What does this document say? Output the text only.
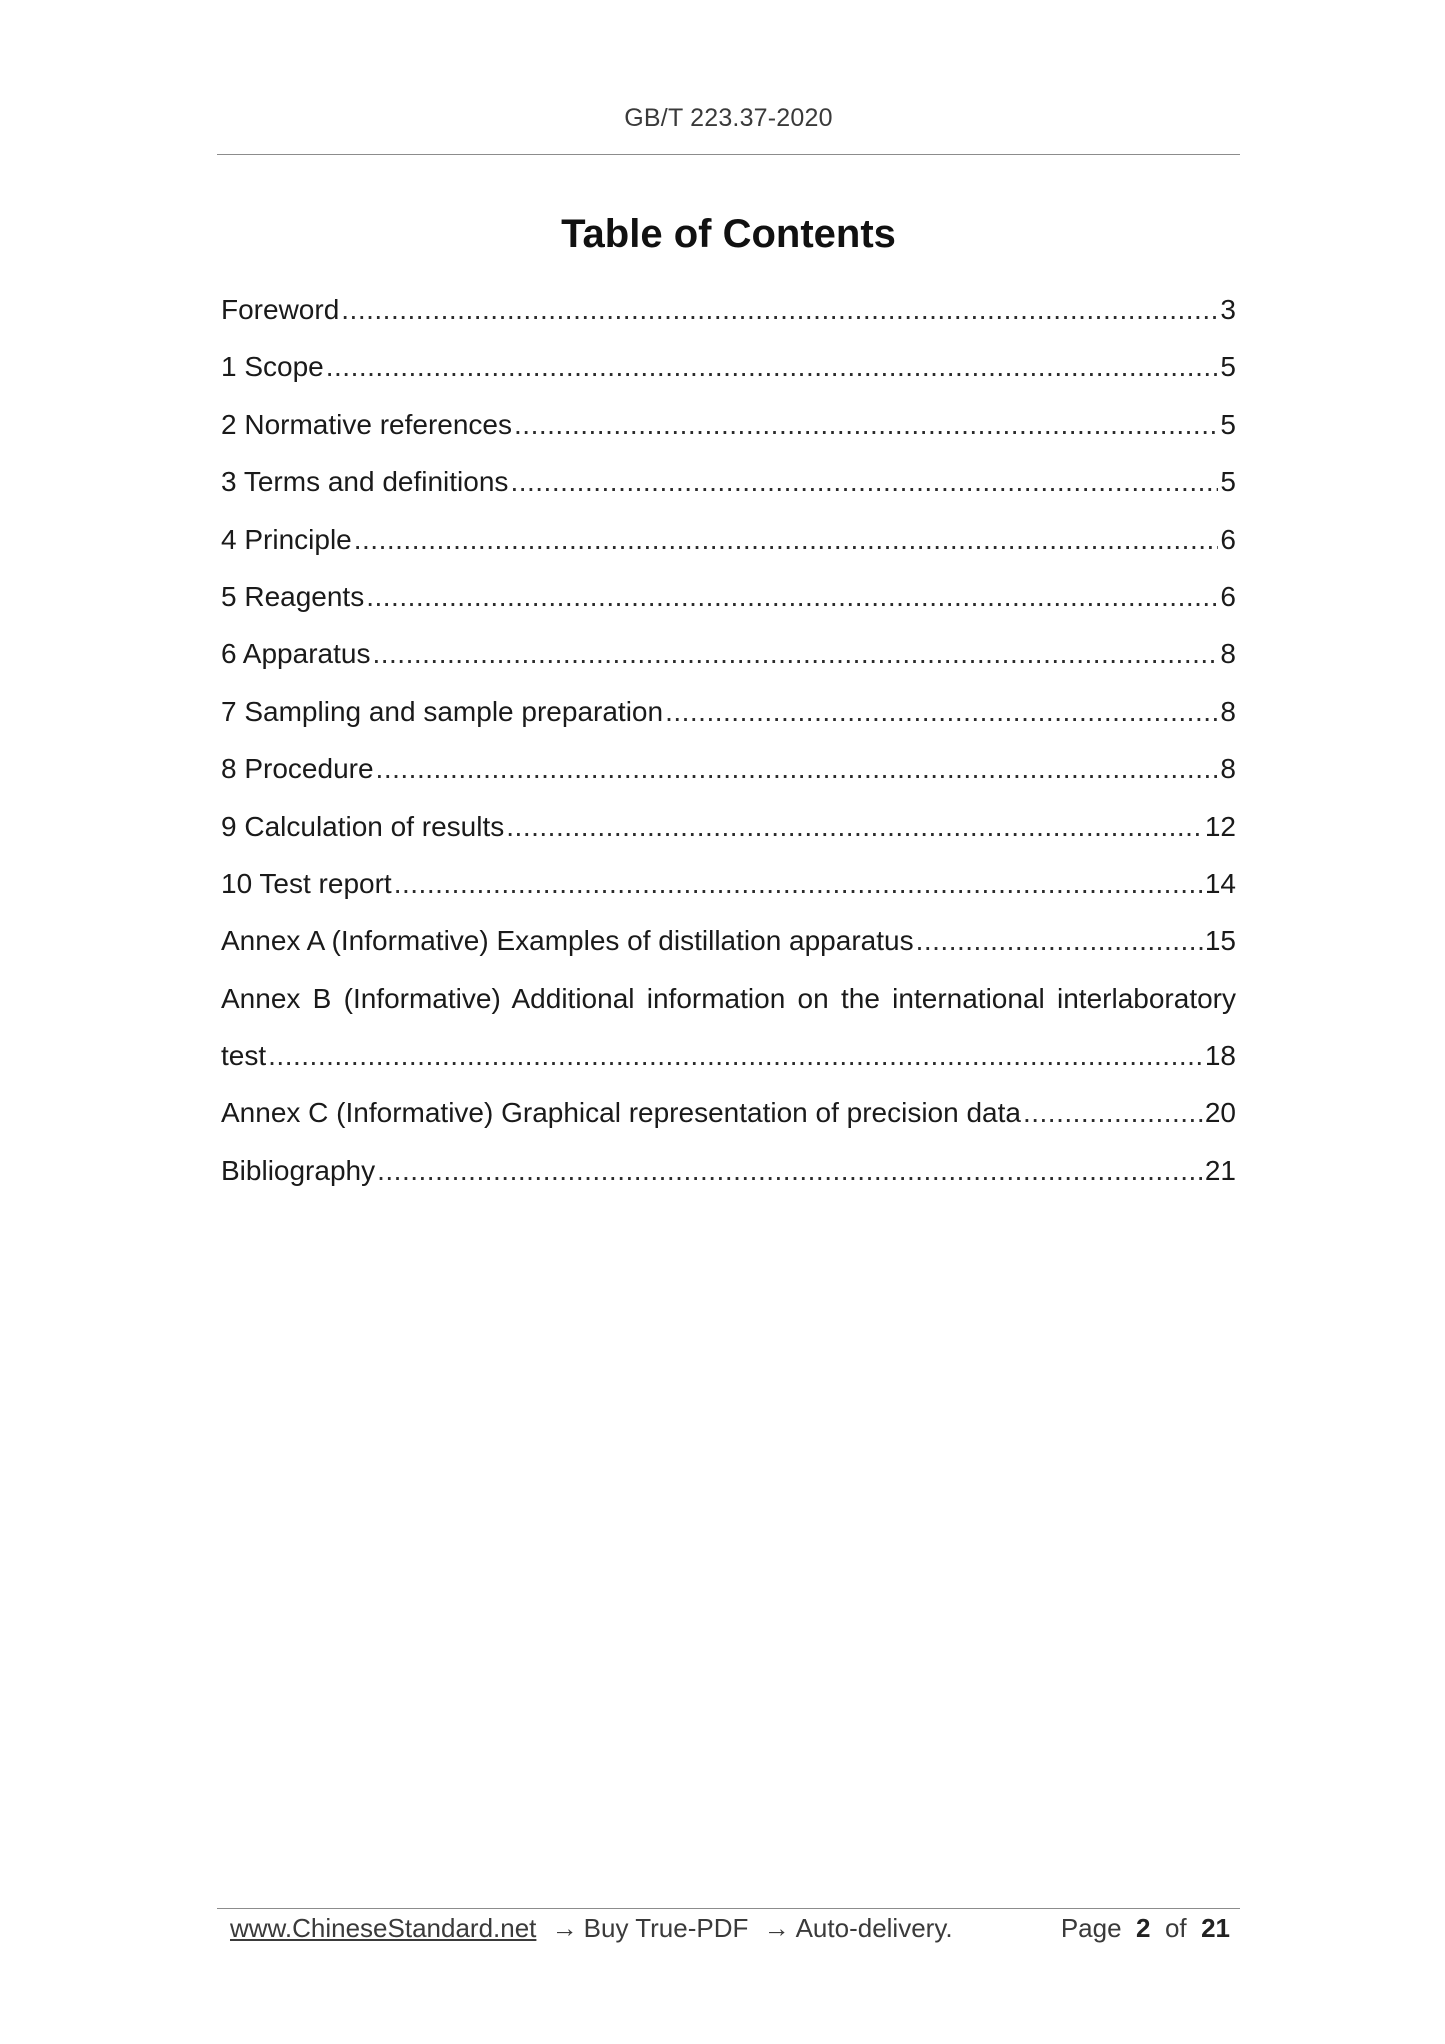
GB/T 223.37-2020
Table of Contents
Foreword .....	3
1 Scope .....	5
2 Normative references .....	5
3 Terms and definitions .....	5
4 Principle .....	6
5 Reagents .....	6
6 Apparatus .....	8
7 Sampling and sample preparation .....	8
8 Procedure .....	8
9 Calculation of results .....	12
10 Test report .....	14
Annex A (Informative) Examples of distillation apparatus .....	15
Annex B (Informative) Additional information on the international interlaboratory
test .....	18
Annex C (Informative) Graphical representation of precision data .....	20
Bibliography .....	21
www.ChineseStandard.net → Buy True-PDF → Auto-delivery.	Page 2 of 21
